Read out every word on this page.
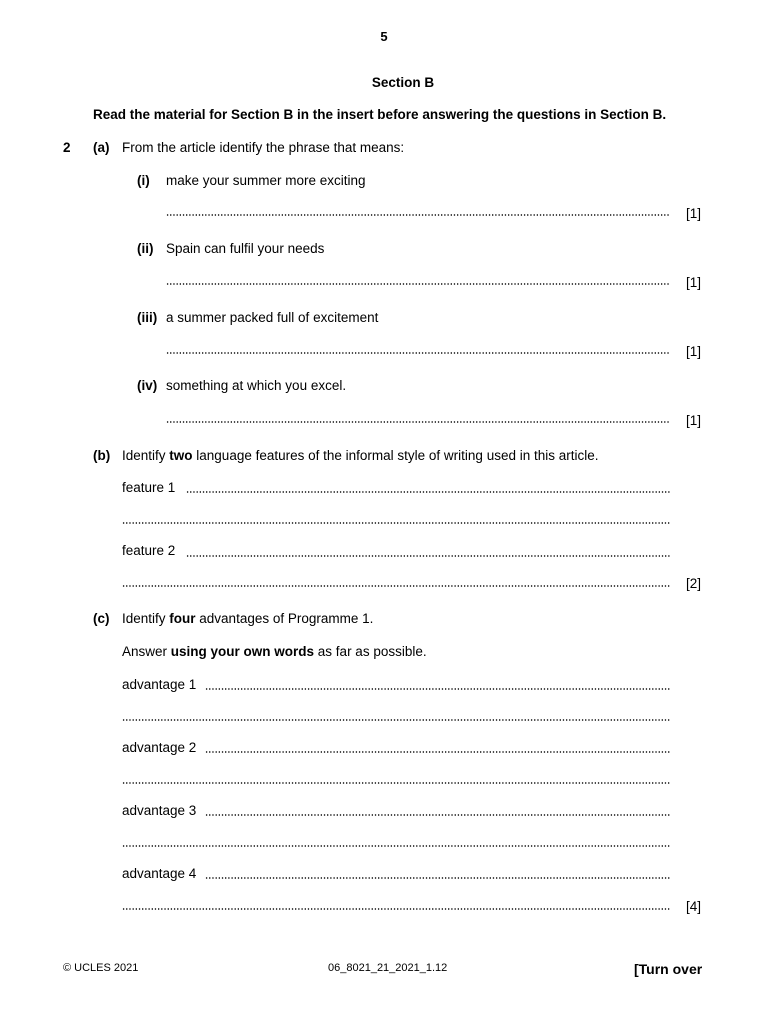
5
Section B
Read the material for Section B in the insert before answering the questions in Section B.
2 (a) From the article identify the phrase that means:
(i) make your summer more exciting
[1]
(ii) Spain can fulfil your needs
[1]
(iii) a summer packed full of excitement
[1]
(iv) something at which you excel.
[1]
(b) Identify two language features of the informal style of writing used in this article.
feature 1
feature 2
[2]
(c) Identify four advantages of Programme 1.
Answer using your own words as far as possible.
advantage 1
advantage 2
advantage 3
advantage 4
[4]
© UCLES 2021	06_8021_21_2021_1.12	[Turn over
